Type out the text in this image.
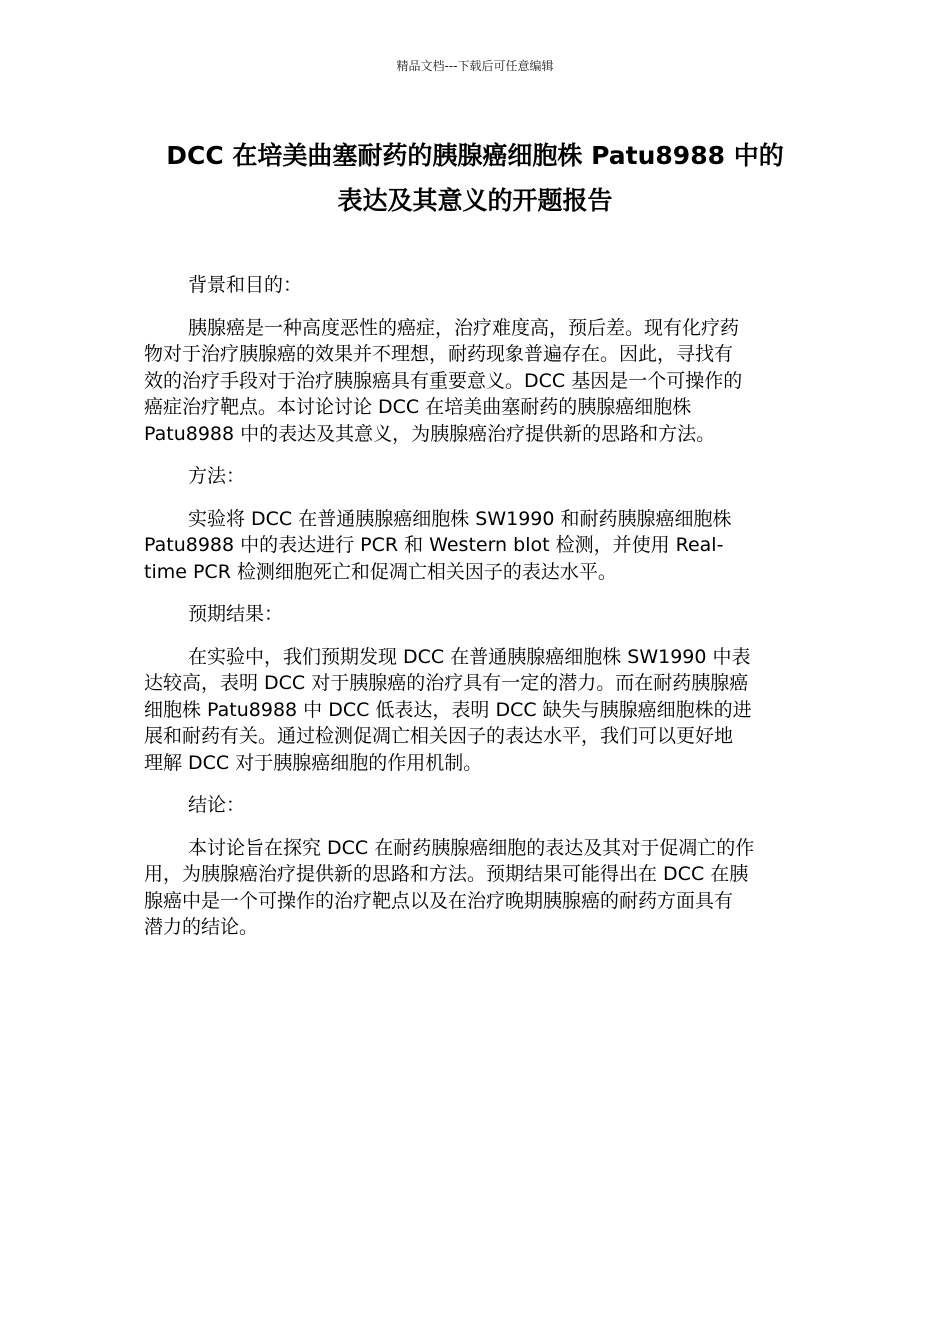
精品文档---下载后可任意编辑
DCC 在培美曲塞耐药的胰腺癌细胞株 Patu8988 中的
表达及其意义的开题报告

背景和目的：

胰腺癌是一种高度恶性的癌症，治疗难度高，预后差。现有化疗药
物对于治疗胰腺癌的效果并不理想，耐药现象普遍存在。因此，寻找有
效的治疗手段对于治疗胰腺癌具有重要意义。DCC 基因是一个可操作的
癌症治疗靶点。本讨论讨论 DCC 在培美曲塞耐药的胰腺癌细胞株
Patu8988 中的表达及其意义，为胰腺癌治疗提供新的思路和方法。

方法：

实验将 DCC 在普通胰腺癌细胞株 SW1990 和耐药胰腺癌细胞株
Patu8988 中的表达进行 PCR 和 Western blot 检测，并使用 Real-
time PCR 检测细胞死亡和促凋亡相关因子的表达水平。

预期结果：

在实验中，我们预期发现 DCC 在普通胰腺癌细胞株 SW1990 中表
达较高，表明 DCC 对于胰腺癌的治疗具有一定的潜力。而在耐药胰腺癌
细胞株 Patu8988 中 DCC 低表达，表明 DCC 缺失与胰腺癌细胞株的进
展和耐药有关。通过检测促凋亡相关因子的表达水平，我们可以更好地
理解 DCC 对于胰腺癌细胞的作用机制。

结论：

本讨论旨在探究 DCC 在耐药胰腺癌细胞的表达及其对于促凋亡的作
用，为胰腺癌治疗提供新的思路和方法。预期结果可能得出在 DCC 在胰
腺癌中是一个可操作的治疗靶点以及在治疗晚期胰腺癌的耐药方面具有
潜力的结论。
